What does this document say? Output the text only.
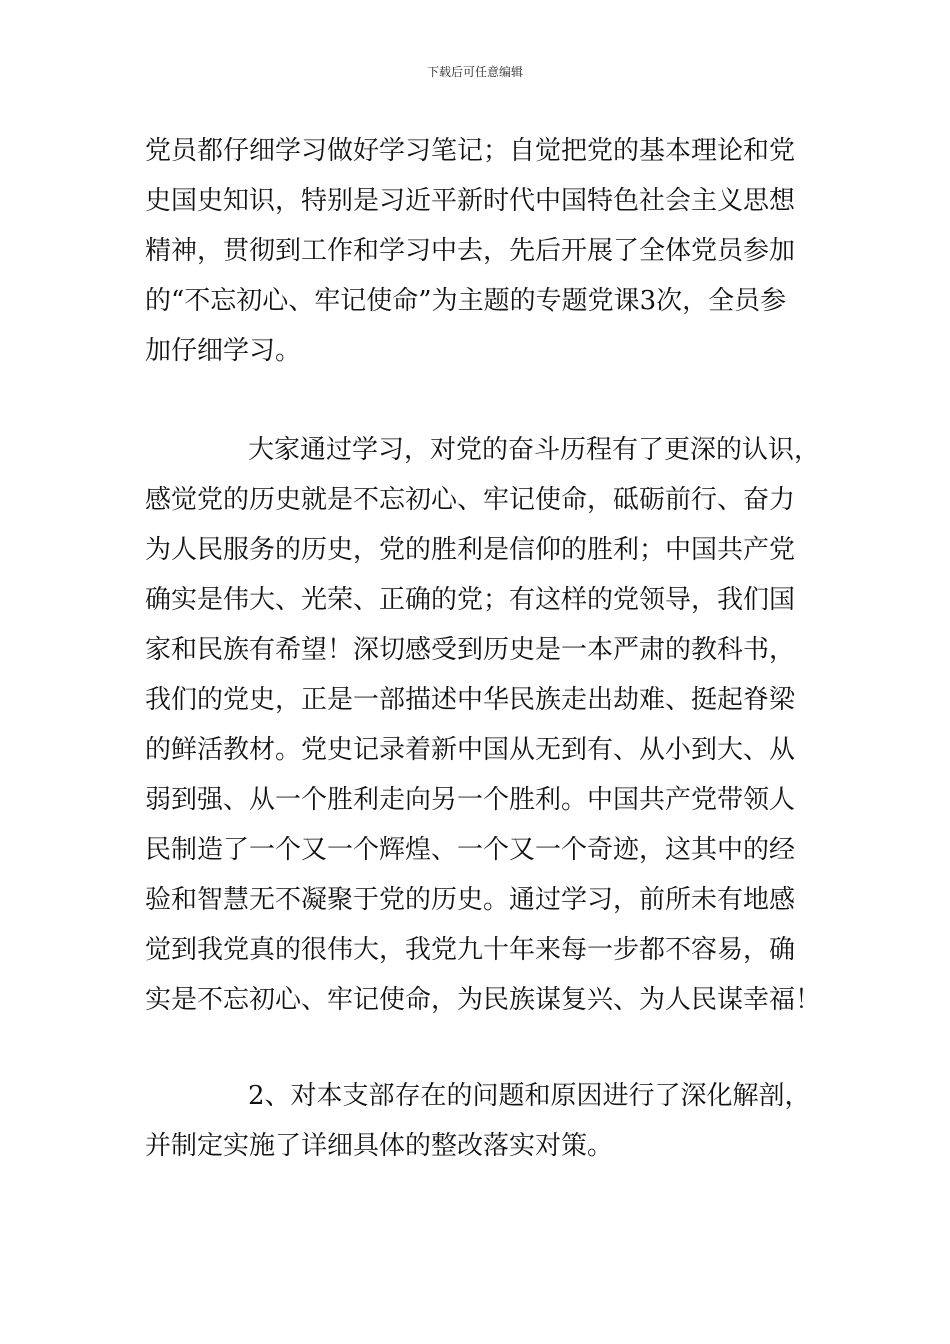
下载后可任意编辑
党员都仔细学习做好学习笔记；自觉把党的基本理论和党
史国史知识，特别是习近平新时代中国特色社会主义思想
精神，贯彻到工作和学习中去，先后开展了全体党员参加
的“不忘初心、牢记使命”为主题的专题党课3次，全员参
加仔细学习。
大家通过学习，对党的奋斗历程有了更深的认识，
感觉党的历史就是不忘初心、牢记使命，砥砺前行、奋力
为人民服务的历史，党的胜利是信仰的胜利；中国共产党
确实是伟大、光荣、正确的党；有这样的党领导，我们国
家和民族有希望！深切感受到历史是一本严肃的教科书，
我们的党史，正是一部描述中华民族走出劫难、挺起脊梁
的鲜活教材。党史记录着新中国从无到有、从小到大、从
弱到强、从一个胜利走向另一个胜利。中国共产党带领人
民制造了一个又一个辉煌、一个又一个奇迹，这其中的经
验和智慧无不凝聚于党的历史。通过学习，前所未有地感
觉到我党真的很伟大，我党九十年来每一步都不容易，确
实是不忘初心、牢记使命，为民族谋复兴、为人民谋幸福！
2、对本支部存在的问题和原因进行了深化解剖，
并制定实施了详细具体的整改落实对策。
